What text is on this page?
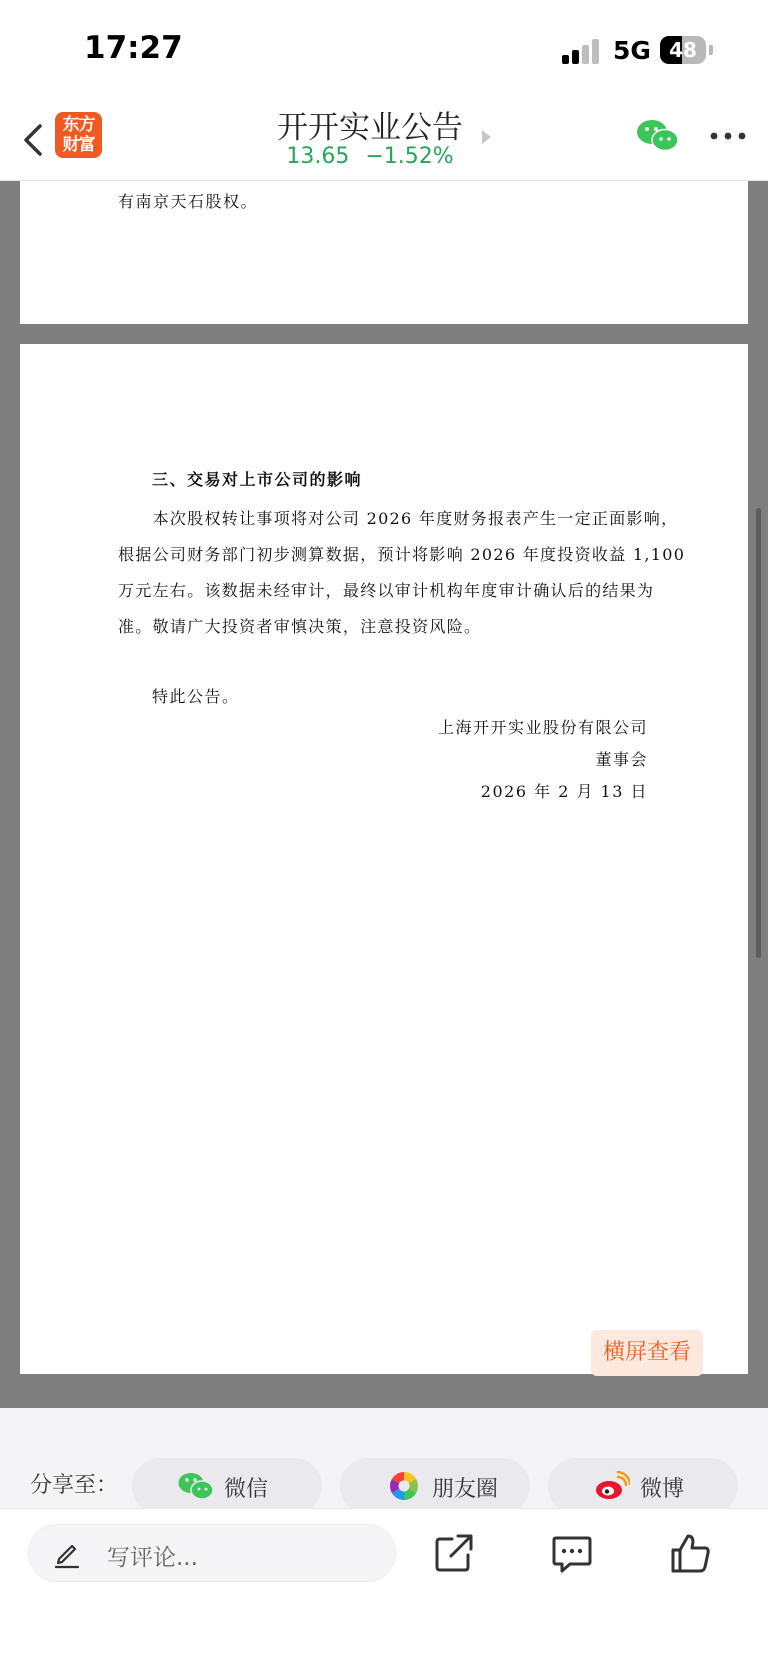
17:27	5G 48
东方
财富	开开实业公告
13.65 −1.52%
有南京天石股权。
三、交易对上市公司的影响
　　本次股权转让事项将对公司 2026 年度财务报表产生一定正面影响，
根据公司财务部门初步测算数据，预计将影响 2026 年度投资收益 1,100
万元左右。该数据未经审计，最终以审计机构年度审计确认后的结果为
准。敬请广大投资者审慎决策，注意投资风险。
特此公告。
上海开开实业股份有限公司
董事会
2026 年 2 月 13 日
横屏查看
分享至：	微信	朋友圈	微博
写评论...
